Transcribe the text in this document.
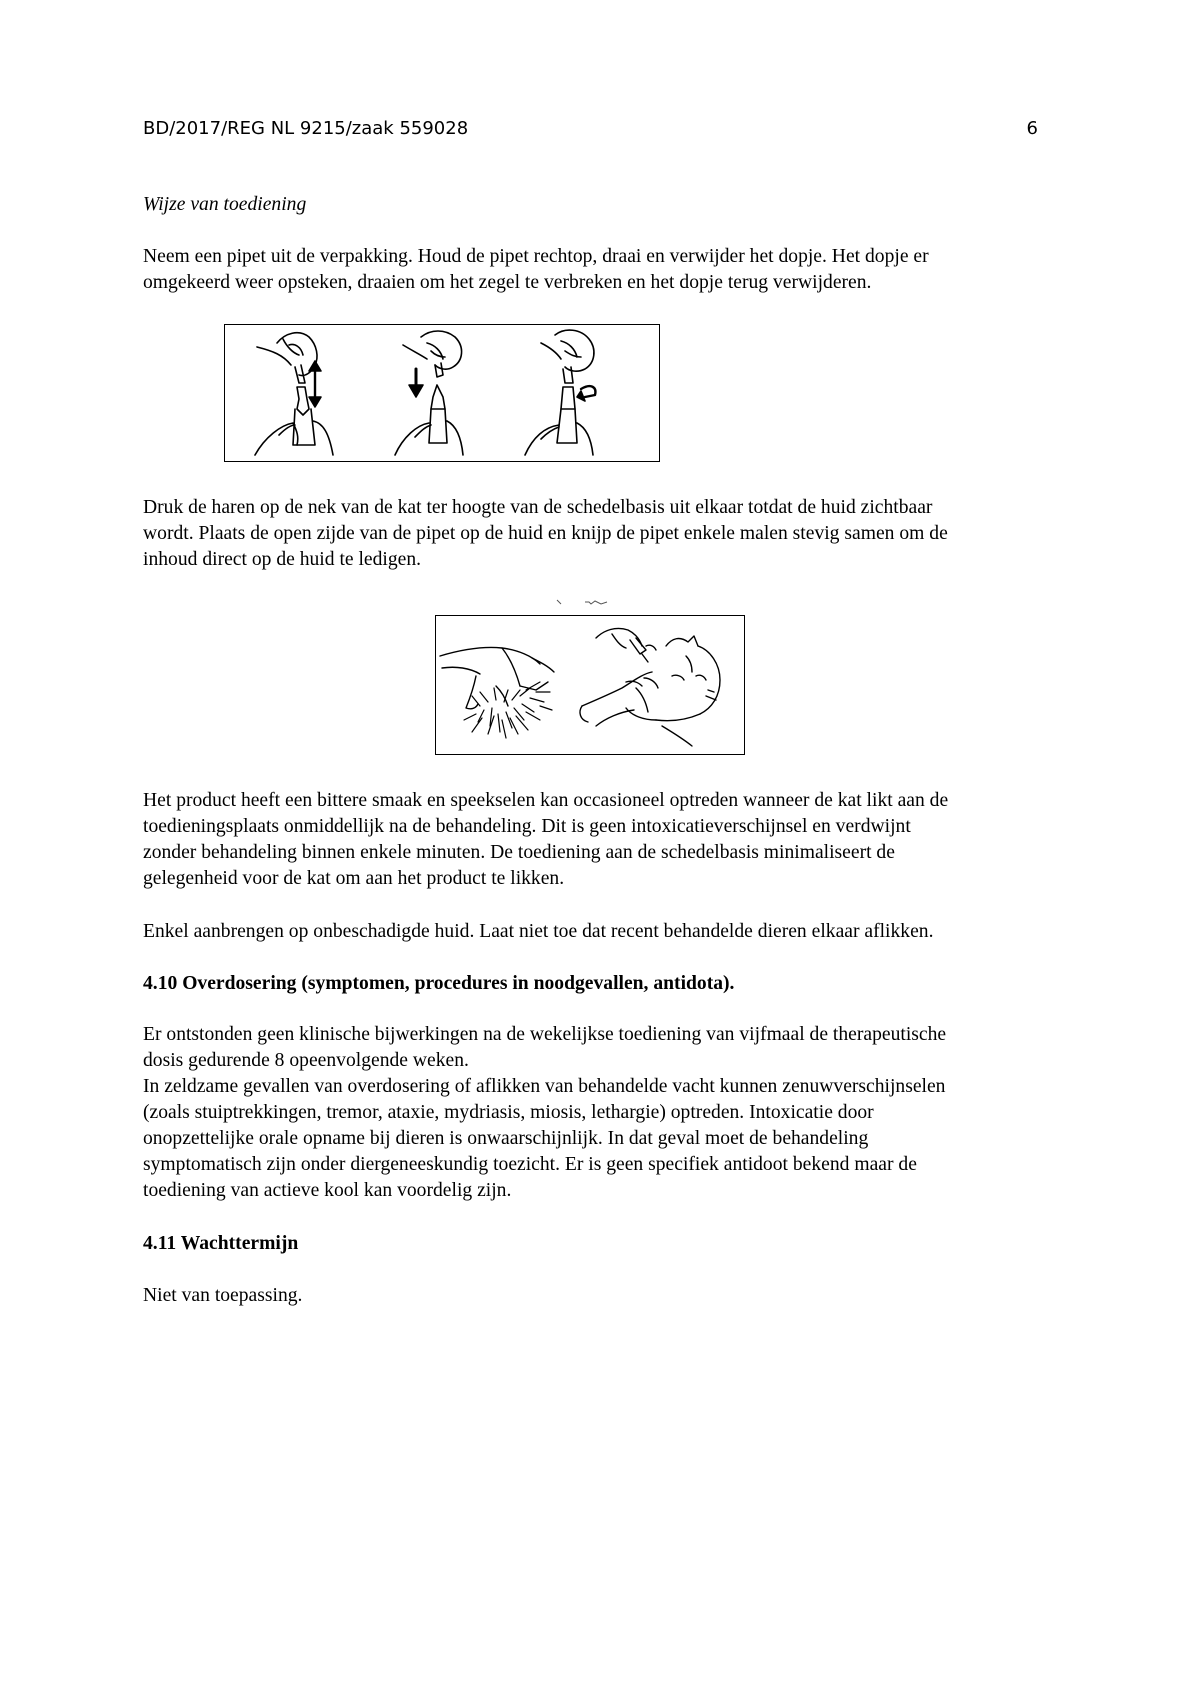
BD/2017/REG NL 9215/zaak 559028	6
Wijze van toediening

Neem een pipet uit de verpakking. Houd de pipet rechtop, draai en verwijder het dopje. Het dopje er

omgekeerd weer opsteken, draaien om het zegel te verbreken en het dopje terug verwijderen.

Druk de haren op de nek van de kat ter hoogte van de schedelbasis uit elkaar totdat de huid zichtbaar

wordt. Plaats de open zijde van de pipet op de huid en knijp de pipet enkele malen stevig samen om de

inhoud direct op de huid te ledigen.

Het product heeft een bittere smaak en speekselen kan occasioneel optreden wanneer de kat likt aan de

toedieningsplaats onmiddellijk na de behandeling. Dit is geen intoxicatieverschijnsel en verdwijnt

zonder behandeling binnen enkele minuten. De toediening aan de schedelbasis minimaliseert de

gelegenheid voor de kat om aan het product te likken.

Enkel aanbrengen op onbeschadigde huid. Laat niet toe dat recent behandelde dieren elkaar aflikken.
4.10 Overdosering (symptomen, procedures in noodgevallen, antidota).

Er ontstonden geen klinische bijwerkingen na de wekelijkse toediening van vijfmaal de therapeutische

dosis gedurende 8 opeenvolgende weken.

In zeldzame gevallen van overdosering of aflikken van behandelde vacht kunnen zenuwverschijnselen

(zoals stuiptrekkingen, tremor, ataxie, mydriasis, miosis, lethargie) optreden. Intoxicatie door

onopzettelijke orale opname bij dieren is onwaarschijnlijk. In dat geval moet de behandeling

symptomatisch zijn onder diergeneeskundig toezicht. Er is geen specifiek antidoot bekend maar de

toediening van actieve kool kan voordelig zijn.

4.11 Wachttermijn
Niet van toepassing.
